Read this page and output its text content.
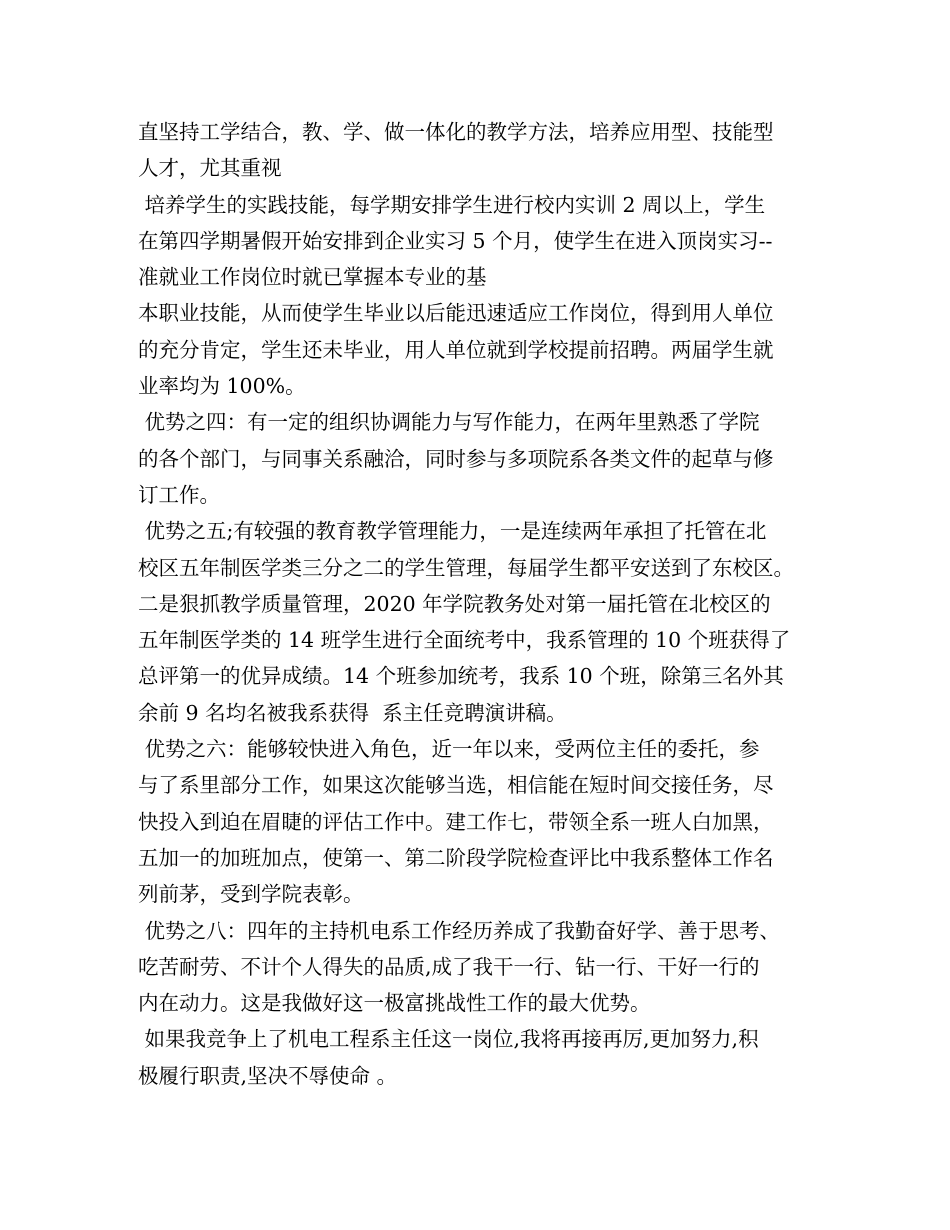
直坚持工学结合，教、学、做一体化的教学方法，培养应用型、技能型
人才，尤其重视
培养学生的实践技能，每学期安排学生进行校内实训 2 周以上，学生
在第四学期暑假开始安排到企业实习 5 个月，使学生在进入顶岗实习--
准就业工作岗位时就已掌握本专业的基
本职业技能，从而使学生毕业以后能迅速适应工作岗位，得到用人单位
的充分肯定，学生还未毕业，用人单位就到学校提前招聘。两届学生就
业率均为 100%。
优势之四：有一定的组织协调能力与写作能力，在两年里熟悉了学院
的各个部门，与同事关系融洽，同时参与多项院系各类文件的起草与修
订工作。
优势之五;有较强的教育教学管理能力，一是连续两年承担了托管在北
校区五年制医学类三分之二的学生管理，每届学生都平安送到了东校区。
二是狠抓教学质量管理，2020 年学院教务处对第一届托管在北校区的
五年制医学类的 14 班学生进行全面统考中，我系管理的 10 个班获得了
总评第一的优异成绩。14 个班参加统考，我系 10 个班，除第三名外其
余前 9 名均名被我系获得  系主任竞聘演讲稿。
优势之六：能够较快进入角色，近一年以来，受两位主任的委托，参
与了系里部分工作，如果这次能够当选，相信能在短时间交接任务，尽
快投入到迫在眉睫的评估工作中。建工作七，带领全系一班人白加黑，
五加一的加班加点，使第一、第二阶段学院检查评比中我系整体工作名
列前茅，受到学院表彰。
优势之八：四年的主持机电系工作经历养成了我勤奋好学、善于思考、
吃苦耐劳、不计个人得失的品质,成了我干一行、钻一行、干好一行的
内在动力。这是我做好这一极富挑战性工作的最大优势。
如果我竞争上了机电工程系主任这一岗位,我将再接再厉,更加努力,积
极履行职责,坚决不辱使命 。
